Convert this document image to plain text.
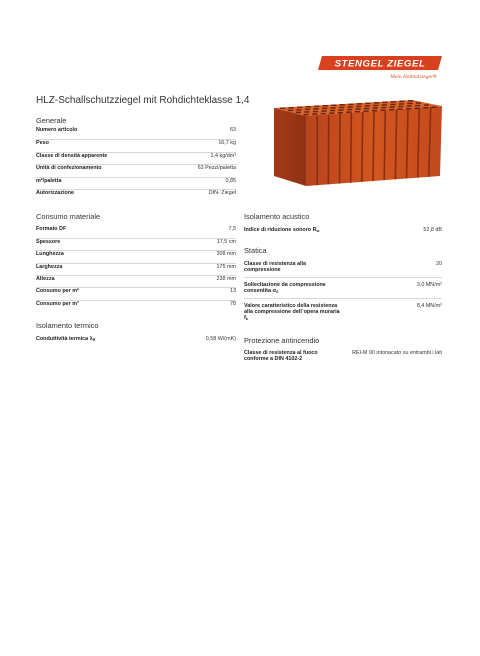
STENGEL ZIEGEL
Mein Heimatziegel®
HLZ-Schallschutzziegel mit Rohdichteklasse 1,4
Generale
Numero articolo	63
Peso	16,7 kg
Classe di densità apparente	1,4 kg/dm³
Unità di confezionamento	63 Pezzi/paletta
m²/paletta	0,85
Autorizzazione	DIN- Ziegel
Consumo materiale
Formato DF	7,5
Spessore	17,5 cm
Lunghezza	308 mm
Larghezza	175 mm
Altezza	238 mm
Consumo per m²	13
Consumo per m³	78
Isolamento termico
Conduttività termica $\lambda_R$	0,58 W/(mK)
Isolamento acustico
Indice di riduzione sonoro $R_w$	52,8 dB
Statica
Classe di resistenza alla compressione	20
Sollecitazione da compressione consentita $\sigma_0$	3,0 MN/m²
Valore caratteristico della resistenza alla compressione dell´opera muraria $f_k$	8,4 MN/m²
Protezione antincendio
Classe di resistenza al fuoco conforme a DIN 4102-2	REI-M 90 intonacato su entrambi i lati
